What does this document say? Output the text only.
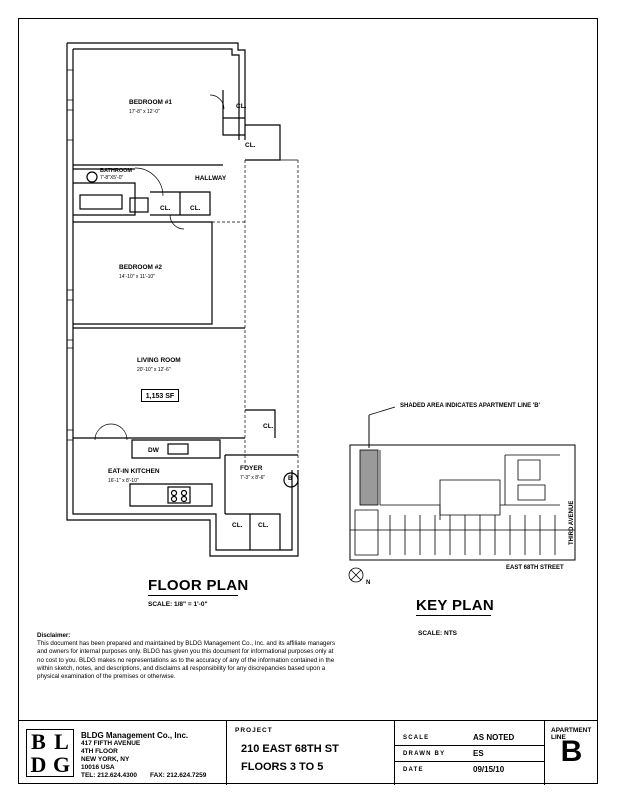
BEDROOM #1
17'-8" x 12'-0"
BATHROOM
7'-8"X5'-0"	HALLWAY
BEDROOM #2
14'-10" x 11'-10"
LIVING ROOM
20'-10" x 12'-6"
1,153 SF
EAT-IN KITCHEN
16'-1" x 8'-10"
FOYER
7'-3" x 8'-6"
DW
B
CL.
CL.
CL.	CL.
CL.
CL. CL.
FLOOR PLAN
SCALE: 1/8" = 1'-0"
SHADED AREA INDICATES APARTMENT LINE 'B'
EAST 68TH STREET
THIRD AVENUE
N
KEY PLAN
SCALE: NTS
Disclaimer:
This document has been prepared and maintained by BLDG Management Co., Inc. and its affiliate managers and owners for internal purposes only. BLDG has given you this document for informational purposes only at no cost to you. BLDG makes no representations as to the accuracy of any of the information contained in the within sketch, notes, and descriptions, and disclaims all responsibility for any discrepancies based upon a physical examination of the premises or otherwise.
B L
D G
BLDG Management Co., Inc.
417 FIFTH AVENUE
4TH FLOOR
NEW YORK, NY
10016 USA
TEL: 212.624.4300 FAX: 212.624.7259
PROJECT
210 EAST 68TH ST
FLOORS 3 TO 5
SCALE	AS NOTED
DRAWN BY	ES
DATE	09/15/10
APARTMENT LINE
B
